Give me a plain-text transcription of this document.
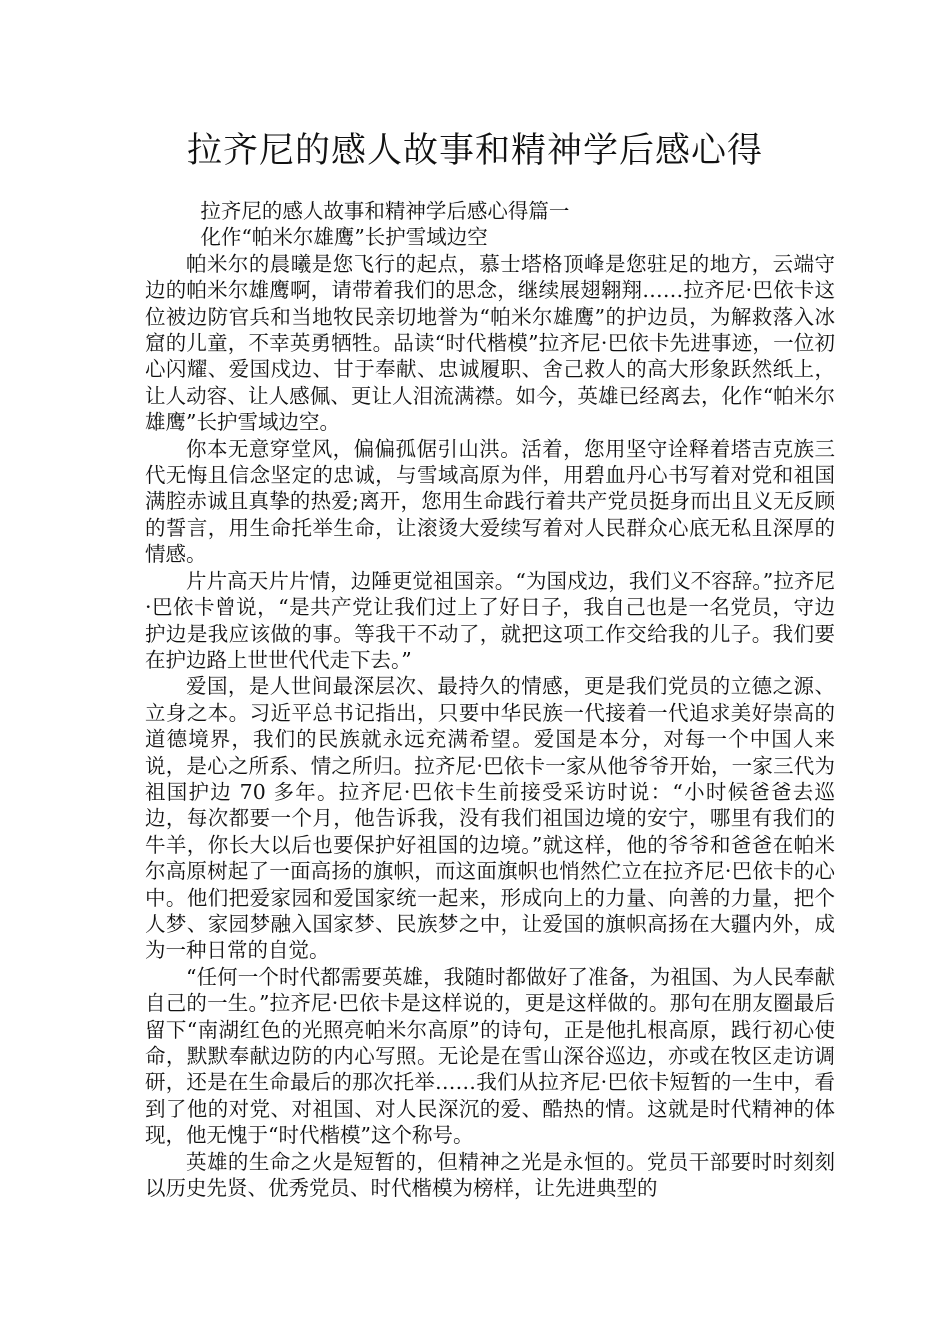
拉齐尼的感人故事和精神学后感心得

拉齐尼的感人故事和精神学后感心得篇一

化作“帕米尔雄鹰”长护雪域边空

帕米尔的晨曦是您飞行的起点，慕士塔格顶峰是您驻足的地方，云端守边的帕米尔雄鹰啊，请带着我们的思念，继续展翅翱翔……拉齐尼·巴依卡这位被边防官兵和当地牧民亲切地誉为“帕米尔雄鹰”的护边员，为解救落入冰窟的儿童，不幸英勇牺牲。品读“时代楷模”拉齐尼·巴依卡先进事迹，一位初心闪耀、爱国戍边、甘于奉献、忠诚履职、舍己救人的高大形象跃然纸上，让人动容、让人感佩、更让人泪流满襟。如今，英雄已经离去，化作“帕米尔雄鹰”长护雪域边空。

你本无意穿堂风，偏偏孤倨引山洪。活着，您用坚守诠释着塔吉克族三代无悔且信念坚定的忠诚，与雪域高原为伴，用碧血丹心书写着对党和祖国满腔赤诚且真挚的热爱;离开，您用生命践行着共产党员挺身而出且义无反顾的誓言，用生命托举生命，让滚烫大爱续写着对人民群众心底无私且深厚的情感。

片片高天片片情，边陲更觉祖国亲。“为国戍边，我们义不容辞。”拉齐尼·巴依卡曾说，“是共产党让我们过上了好日子，我自己也是一名党员，守边护边是我应该做的事。等我干不动了，就把这项工作交给我的儿子。我们要在护边路上世世代代走下去。”

爱国，是人世间最深层次、最持久的情感，更是我们党员的立德之源、立身之本。习近平总书记指出，只要中华民族一代接着一代追求美好崇高的道德境界，我们的民族就永远充满希望。爱国是本分，对每一个中国人来说，是心之所系、情之所归。拉齐尼·巴依卡一家从他爷爷开始，一家三代为祖国护边 70 多年。拉齐尼·巴依卡生前接受采访时说：“小时候爸爸去巡边，每次都要一个月，他告诉我，没有我们祖国边境的安宁，哪里有我们的牛羊，你长大以后也要保护好祖国的边境。”就这样，他的爷爷和爸爸在帕米尔高原树起了一面高扬的旗帜，而这面旗帜也悄然伫立在拉齐尼·巴依卡的心中。他们把爱家园和爱国家统一起来，形成向上的力量、向善的力量，把个人梦、家园梦融入国家梦、民族梦之中，让爱国的旗帜高扬在大疆内外，成为一种日常的自觉。

“任何一个时代都需要英雄，我随时都做好了准备，为祖国、为人民奉献自己的一生。”拉齐尼·巴依卡是这样说的，更是这样做的。那句在朋友圈最后留下“南湖红色的光照亮帕米尔高原”的诗句，正是他扎根高原，践行初心使命，默默奉献边防的内心写照。无论是在雪山深谷巡边，亦或在牧区走访调研，还是在生命最后的那次托举……我们从拉齐尼·巴依卡短暂的一生中，看到了他的对党、对祖国、对人民深沉的爱、酷热的情。这就是时代精神的体现，他无愧于“时代楷模”这个称号。

英雄的生命之火是短暂的，但精神之光是永恒的。党员干部要时时刻刻以历史先贤、优秀党员、时代楷模为榜样，让先进典型的
